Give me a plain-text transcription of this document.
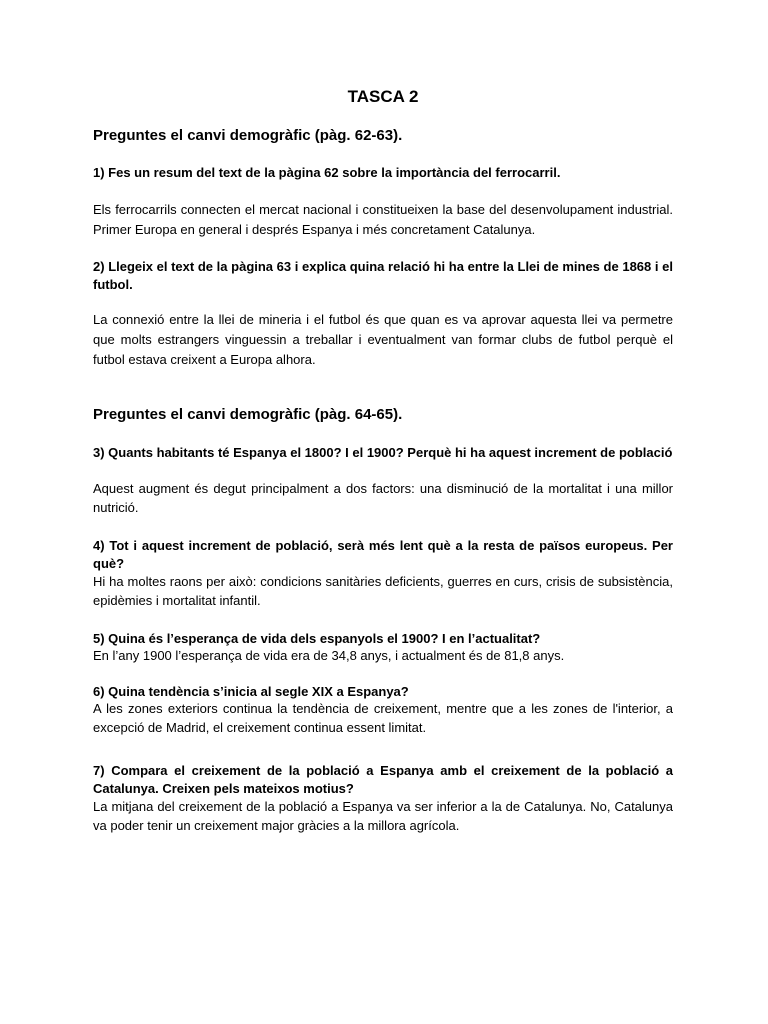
TASCA 2
Preguntes el canvi demogràfic (pàg. 62-63).
1) Fes un resum del text de la pàgina 62 sobre la importància del ferrocarril.
Els ferrocarrils connecten el mercat nacional i constitueixen la base del desenvolupament industrial. Primer Europa en general i després Espanya i més concretament Catalunya.
2) Llegeix el text de la pàgina 63 i explica quina relació hi ha entre la Llei de mines de 1868 i el futbol.
La connexió entre la llei de mineria i el futbol és que quan es va aprovar aquesta llei va permetre que molts estrangers vinguessin a treballar i eventualment van formar clubs de futbol perquè el futbol estava creixent a Europa alhora.
Preguntes el canvi demogràfic (pàg. 64-65).
3) Quants habitants té Espanya el 1800? I el 1900? Perquè hi ha aquest increment de població
Aquest augment és degut principalment a dos factors: una disminució de la mortalitat i una millor nutrició.
4) Tot i aquest increment de població, serà més lent què a la resta de països europeus. Per què?
Hi ha moltes raons per això: condicions sanitàries deficients, guerres en curs, crisis de subsistència, epidèmies i mortalitat infantil.
5) Quina és l’esperança de vida dels espanyols el 1900? I en l’actualitat?
En l’any 1900 l’esperança de vida era de 34,8 anys, i actualment és de 81,8 anys.
6) Quina tendència s’inicia al segle XIX a Espanya?
A les zones exteriors continua la tendència de creixement, mentre que a les zones de l'interior, a excepció de Madrid, el creixement continua essent limitat.
7) Compara el creixement de la població a Espanya amb el creixement de la població a Catalunya. Creixen pels mateixos motius?
La mitjana del creixement de la població a Espanya va ser inferior a la de Catalunya. No, Catalunya va poder tenir un creixement major gràcies a la millora agrícola.
